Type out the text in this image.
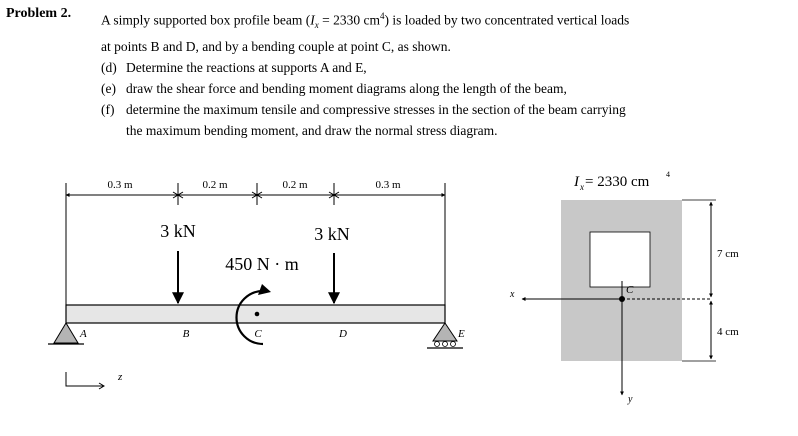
Problem 2. A simply supported box profile beam ($I_x = 2330$ $cm^4$) is loaded by two concentrated vertical loads

at points B and D, and by a bending couple at point C, as shown.

(d) Determine the reactions at supports A and E,
(e) draw the shear force and bending moment diagrams along the length of the beam,
(f) determine the maximum tensile and compressive stresses in the section of the beam carrying
the maximum bending moment, and draw the normal stress diagram.
0.3 m	0.2 m	0.2 m	0.3 m
3 kN	3 kN
450 N · m
A	B	C	D	E
z
I x = 2330 cm 4
x
y
C
7 cm
4 cm
